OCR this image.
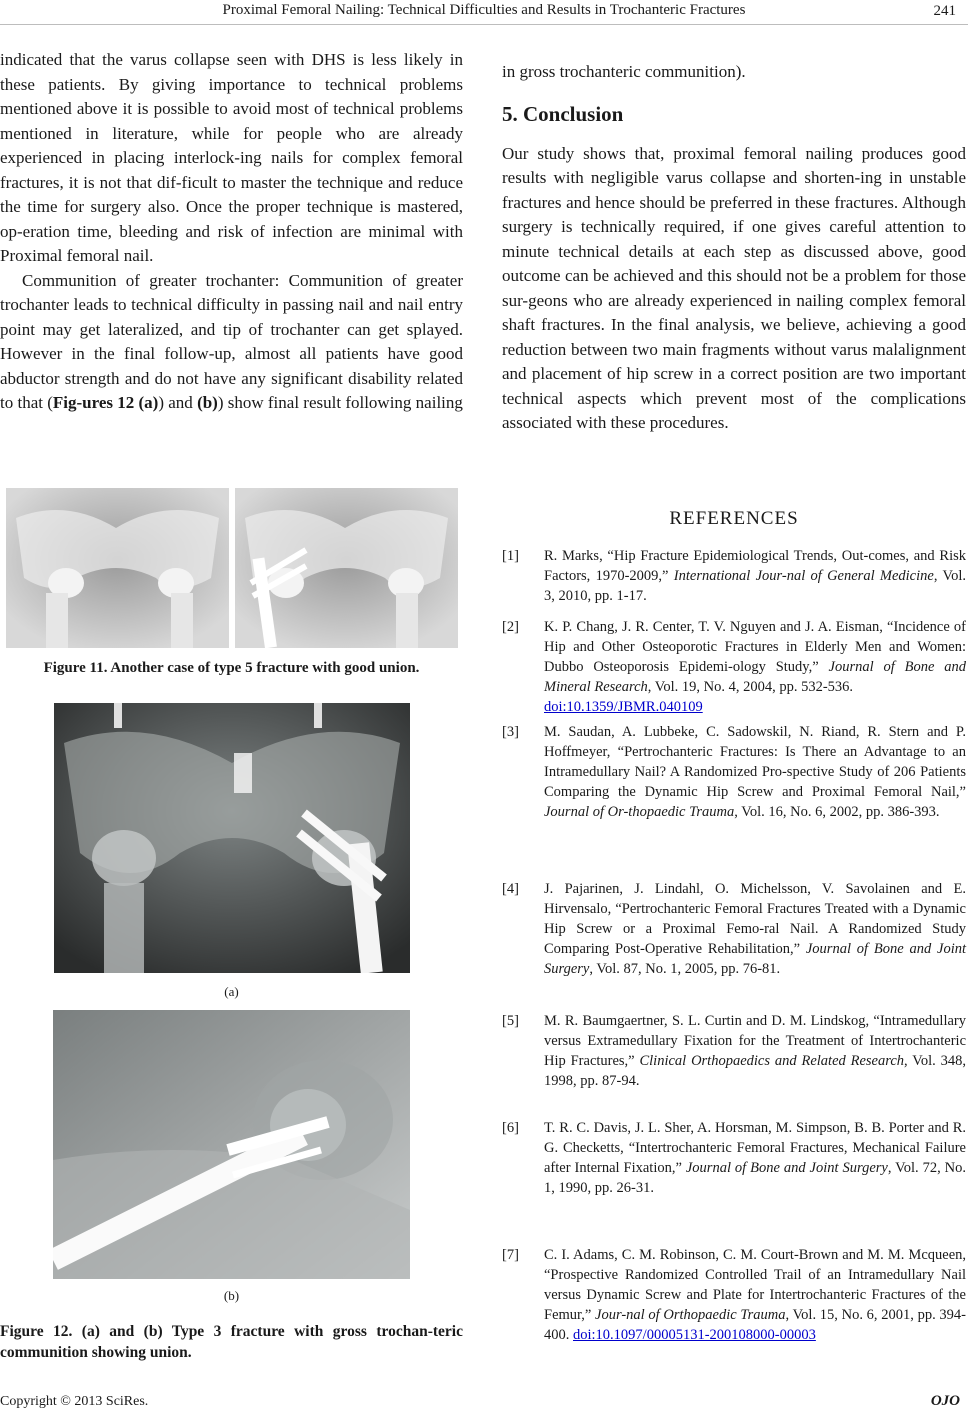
Proximal Femoral Nailing: Technical Difficulties and Results in Trochanteric Fractures	241

indicated that the varus collapse seen with DHS is less likely in these patients. By giving importance to technical problems mentioned above it is possible to avoid most of technical problems mentioned in literature, while for people who are already experienced in placing interlock-ing nails for complex femoral fractures, it is not that dif-ficult to master the technique and reduce the time for surgery also. Once the proper technique is mastered, op-eration time, bleeding and risk of infection are minimal with Proximal femoral nail.

Communition of greater trochanter: Communition of greater trochanter leads to technical difficulty in passing nail and nail entry point may get lateralized, and tip of trochanter can get splayed. However in the final follow-up, almost all patients have good abductor strength and do not have any significant disability related to that (Fig-ures 12 (a)) and (b)) show final result following nailing

Figure 11. Another case of type 5 fracture with good union.
(a)
(b)
Figure 12. (a) and (b) Type 3 fracture with gross trochan-teric communition showing union.

in gross trochanteric communition).

5. Conclusion

Our study shows that, proximal femoral nailing produces good results with negligible varus collapse and shorten-ing in unstable fractures and hence should be preferred in these fractures. Although surgery is technically required, if one gives careful attention to minute technical details at each step as discussed above, good outcome can be achieved and this should not be a problem for those sur-geons who are already experienced in nailing complex femoral shaft fractures. In the final analysis, we believe, achieving a good reduction between two main fragments without varus malalignment and placement of hip screw in a correct position are two important technical aspects which prevent most of the complications associated with these procedures.

REFERENCES
[1] R. Marks, “Hip Fracture Epidemiological Trends, Out-comes, and Risk Factors, 1970-2009,” International Jour-nal of General Medicine, Vol. 3, 2010, pp. 1-17.
[2] K. P. Chang, J. R. Center, T. V. Nguyen and J. A. Eisman, “Incidence of Hip and Other Osteoporotic Fractures in Elderly Men and Women: Dubbo Osteoporosis Epidemi-ology Study,” Journal of Bone and Mineral Research, Vol. 19, No. 4, 2004, pp. 532-536.
doi:10.1359/JBMR.040109
[3] M. Saudan, A. Lubbeke, C. Sadowskil, N. Riand, R. Stern and P. Hoffmeyer, “Pertrochanteric Fractures: Is There an Advantage to an Intramedullary Nail? A Randomized Pro-spective Study of 206 Patients Comparing the Dynamic Hip Screw and Proximal Femoral Nail,” Journal of Or-thopaedic Trauma, Vol. 16, No. 6, 2002, pp. 386-393.
[4] J. Pajarinen, J. Lindahl, O. Michelsson, V. Savolainen and E. Hirvensalo, “Pertrochanteric Femoral Fractures Treated with a Dynamic Hip Screw or a Proximal Femo-ral Nail. A Randomized Study Comparing Post-Operative Rehabilitation,” Journal of Bone and Joint Surgery, Vol. 87, No. 1, 2005, pp. 76-81.
[5] M. R. Baumgaertner, S. L. Curtin and D. M. Lindskog, “Intramedullary versus Extramedullary Fixation for the Treatment of Intertrochanteric Hip Fractures,” Clinical Orthopaedics and Related Research, Vol. 348, 1998, pp. 87-94.
[6] T. R. C. Davis, J. L. Sher, A. Horsman, M. Simpson, B. B. Porter and R. G. Checketts, “Intertrochanteric Femoral Fractures, Mechanical Failure after Internal Fixation,” Journal of Bone and Joint Surgery, Vol. 72, No. 1, 1990, pp. 26-31.
[7] C. I. Adams, C. M. Robinson, C. M. Court-Brown and M. M. Mcqueen, “Prospective Randomized Controlled Trail of an Intramedullary Nail versus Dynamic Screw and Plate for Intertrochanteric Fractures of the Femur,” Jour-nal of Orthopaedic Trauma, Vol. 15, No. 6, 2001, pp. 394-400. doi:10.1097/00005131-200108000-00003
Copyright © 2013 SciRes.	OJO
